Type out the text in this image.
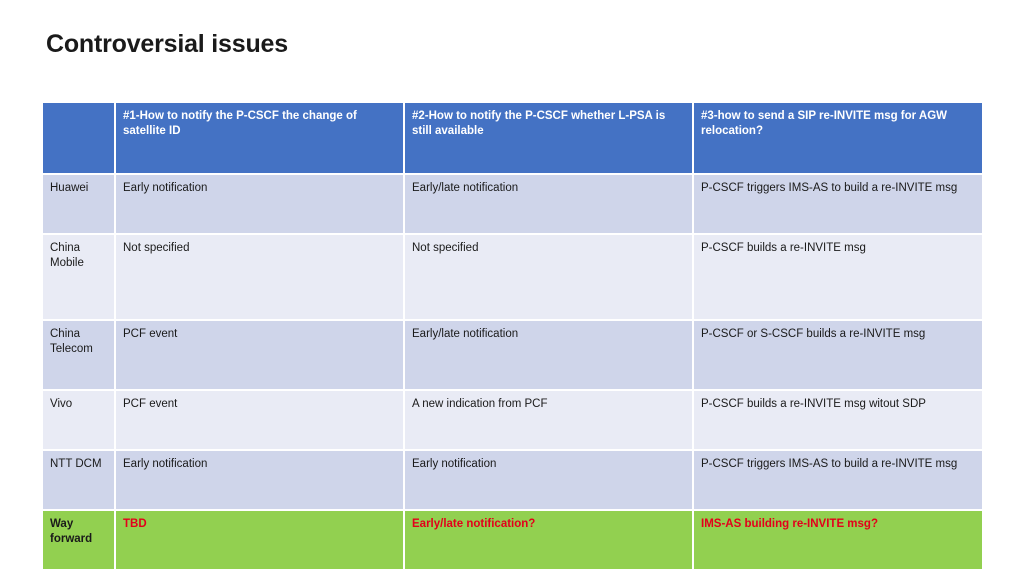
Controversial issues
	#1-How to notify the P-CSCF the change of satellite ID	#2-How to notify the P-CSCF whether L-PSA is still available	#3-how to send a SIP re-INVITE msg for AGW relocation?
Huawei	Early notification	Early/late notification	P-CSCF triggers IMS-AS to build a re-INVITE msg
China Mobile	Not specified	Not specified	P-CSCF builds a re-INVITE msg
China Telecom	PCF event	Early/late notification	P-CSCF or S-CSCF builds a re-INVITE msg
Vivo	PCF event	A new indication from PCF	P-CSCF builds a re-INVITE msg witout SDP
NTT DCM	Early notification	Early notification	P-CSCF triggers IMS-AS to build a re-INVITE msg
Way forward	TBD	Early/late notification?	IMS-AS building re-INVITE msg?
